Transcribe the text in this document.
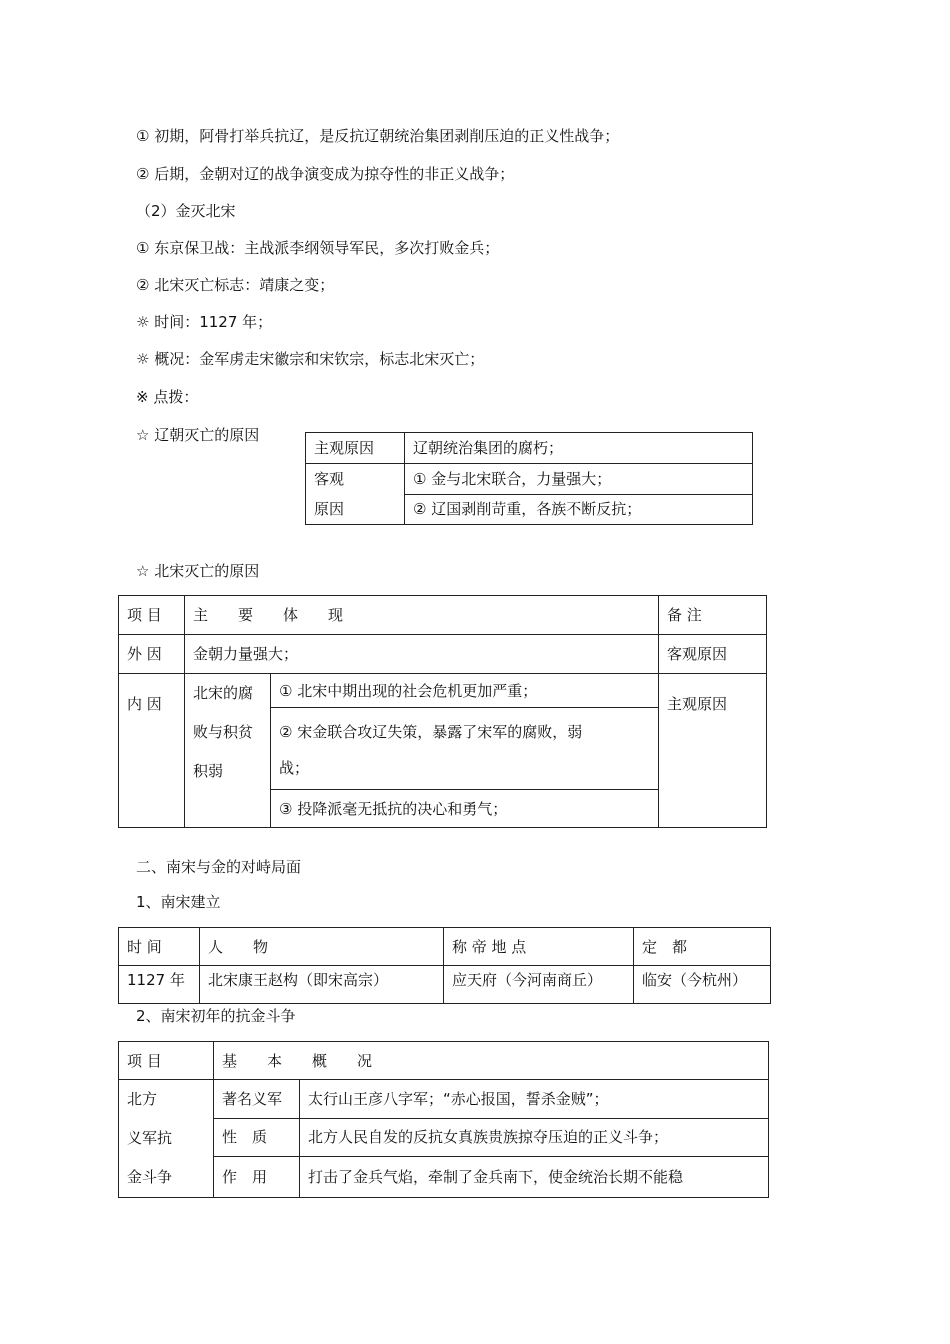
① 初期，阿骨打举兵抗辽，是反抗辽朝统治集团剥削压迫的正义性战争；
② 后期，金朝对辽的战争演变成为掠夺性的非正义战争；
（2）金灭北宋
① 东京保卫战：主战派李纲领导军民，多次打败金兵；
② 北宋灭亡标志：靖康之变；
☼ 时间：1127 年；
☼ 概况：金军虏走宋徽宗和宋钦宗，标志北宋灭亡；
※ 点拨：
☆ 辽朝灭亡的原因
主观原因	辽朝统治集团的腐朽；

客观
原因	① 金与北宋联合，力量强大；
	② 辽国剥削苛重，各族不断反抗；
☆ 北宋灭亡的原因
项 目	主　　要　　体　　现		备 注
外 因	金朝力量强大；		客观原因
内 因	北宋的腐
败与积贫
积弱	① 北宋中期出现的社会危机更加严重；	主观原因

		② 宋金联合攻辽失策，暴露了宋军的腐败，弱
战；	

		③ 投降派毫无抵抗的决心和勇气；	
二、南宋与金的对峙局面
1、南宋建立
时 间	人　　物	称 帝 地 点	定　都
1127 年	北宋康王赵构（即宋高宗）	应天府（今河南商丘）	临安（今杭州）
2、南宋初年的抗金斗争
项 目	基　　本　　概　　况	

北方
义军抗
金斗争	著名义军	太行山王彦八字军；“赤心报国，誓杀金贼”；
	性　质	北方人民自发的反抗女真族贵族掠夺压迫的正义斗争；
	作　用	打击了金兵气焰，牵制了金兵南下，使金统治长期不能稳
